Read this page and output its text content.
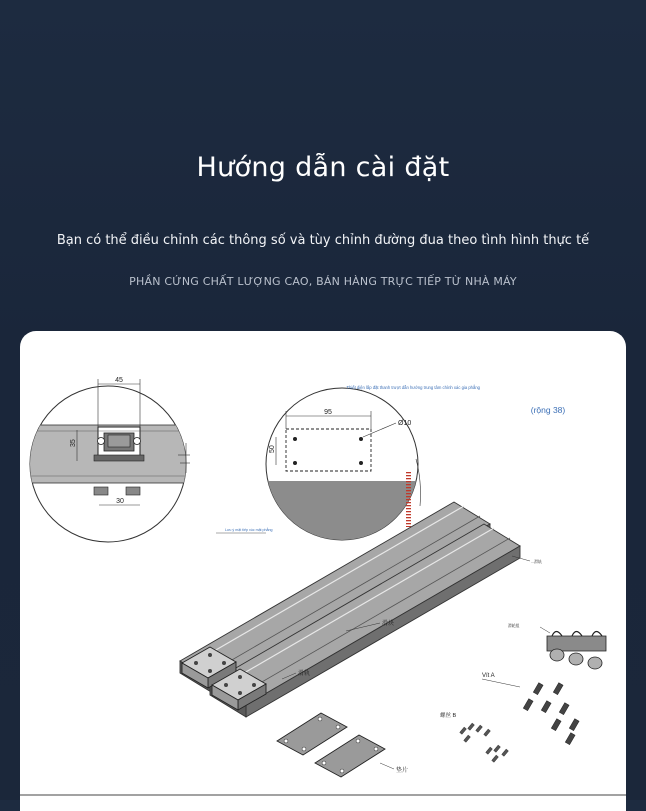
Hướng dẫn cài đặt
Bạn có thể điều chỉnh các thông số và tùy chỉnh đường đua theo tình hình thực tế
PHẦN CỨNG CHẤT LƯỢNG CAO, BÁN HÀNG TRỰC TIẾP TỪ NHÀ MÁY
45
35
30
95
50
Ø10
Thiết diện lắp đặt thanh trượt dẫn hướng trung tâm chính xác gia phẳng
(rộng 38)
Lưu ý mặt tiếp xúc mặt phẳng
滑块
滑轨
...滑轨
滑轮组
Vít A
螺丝 B
垫片
